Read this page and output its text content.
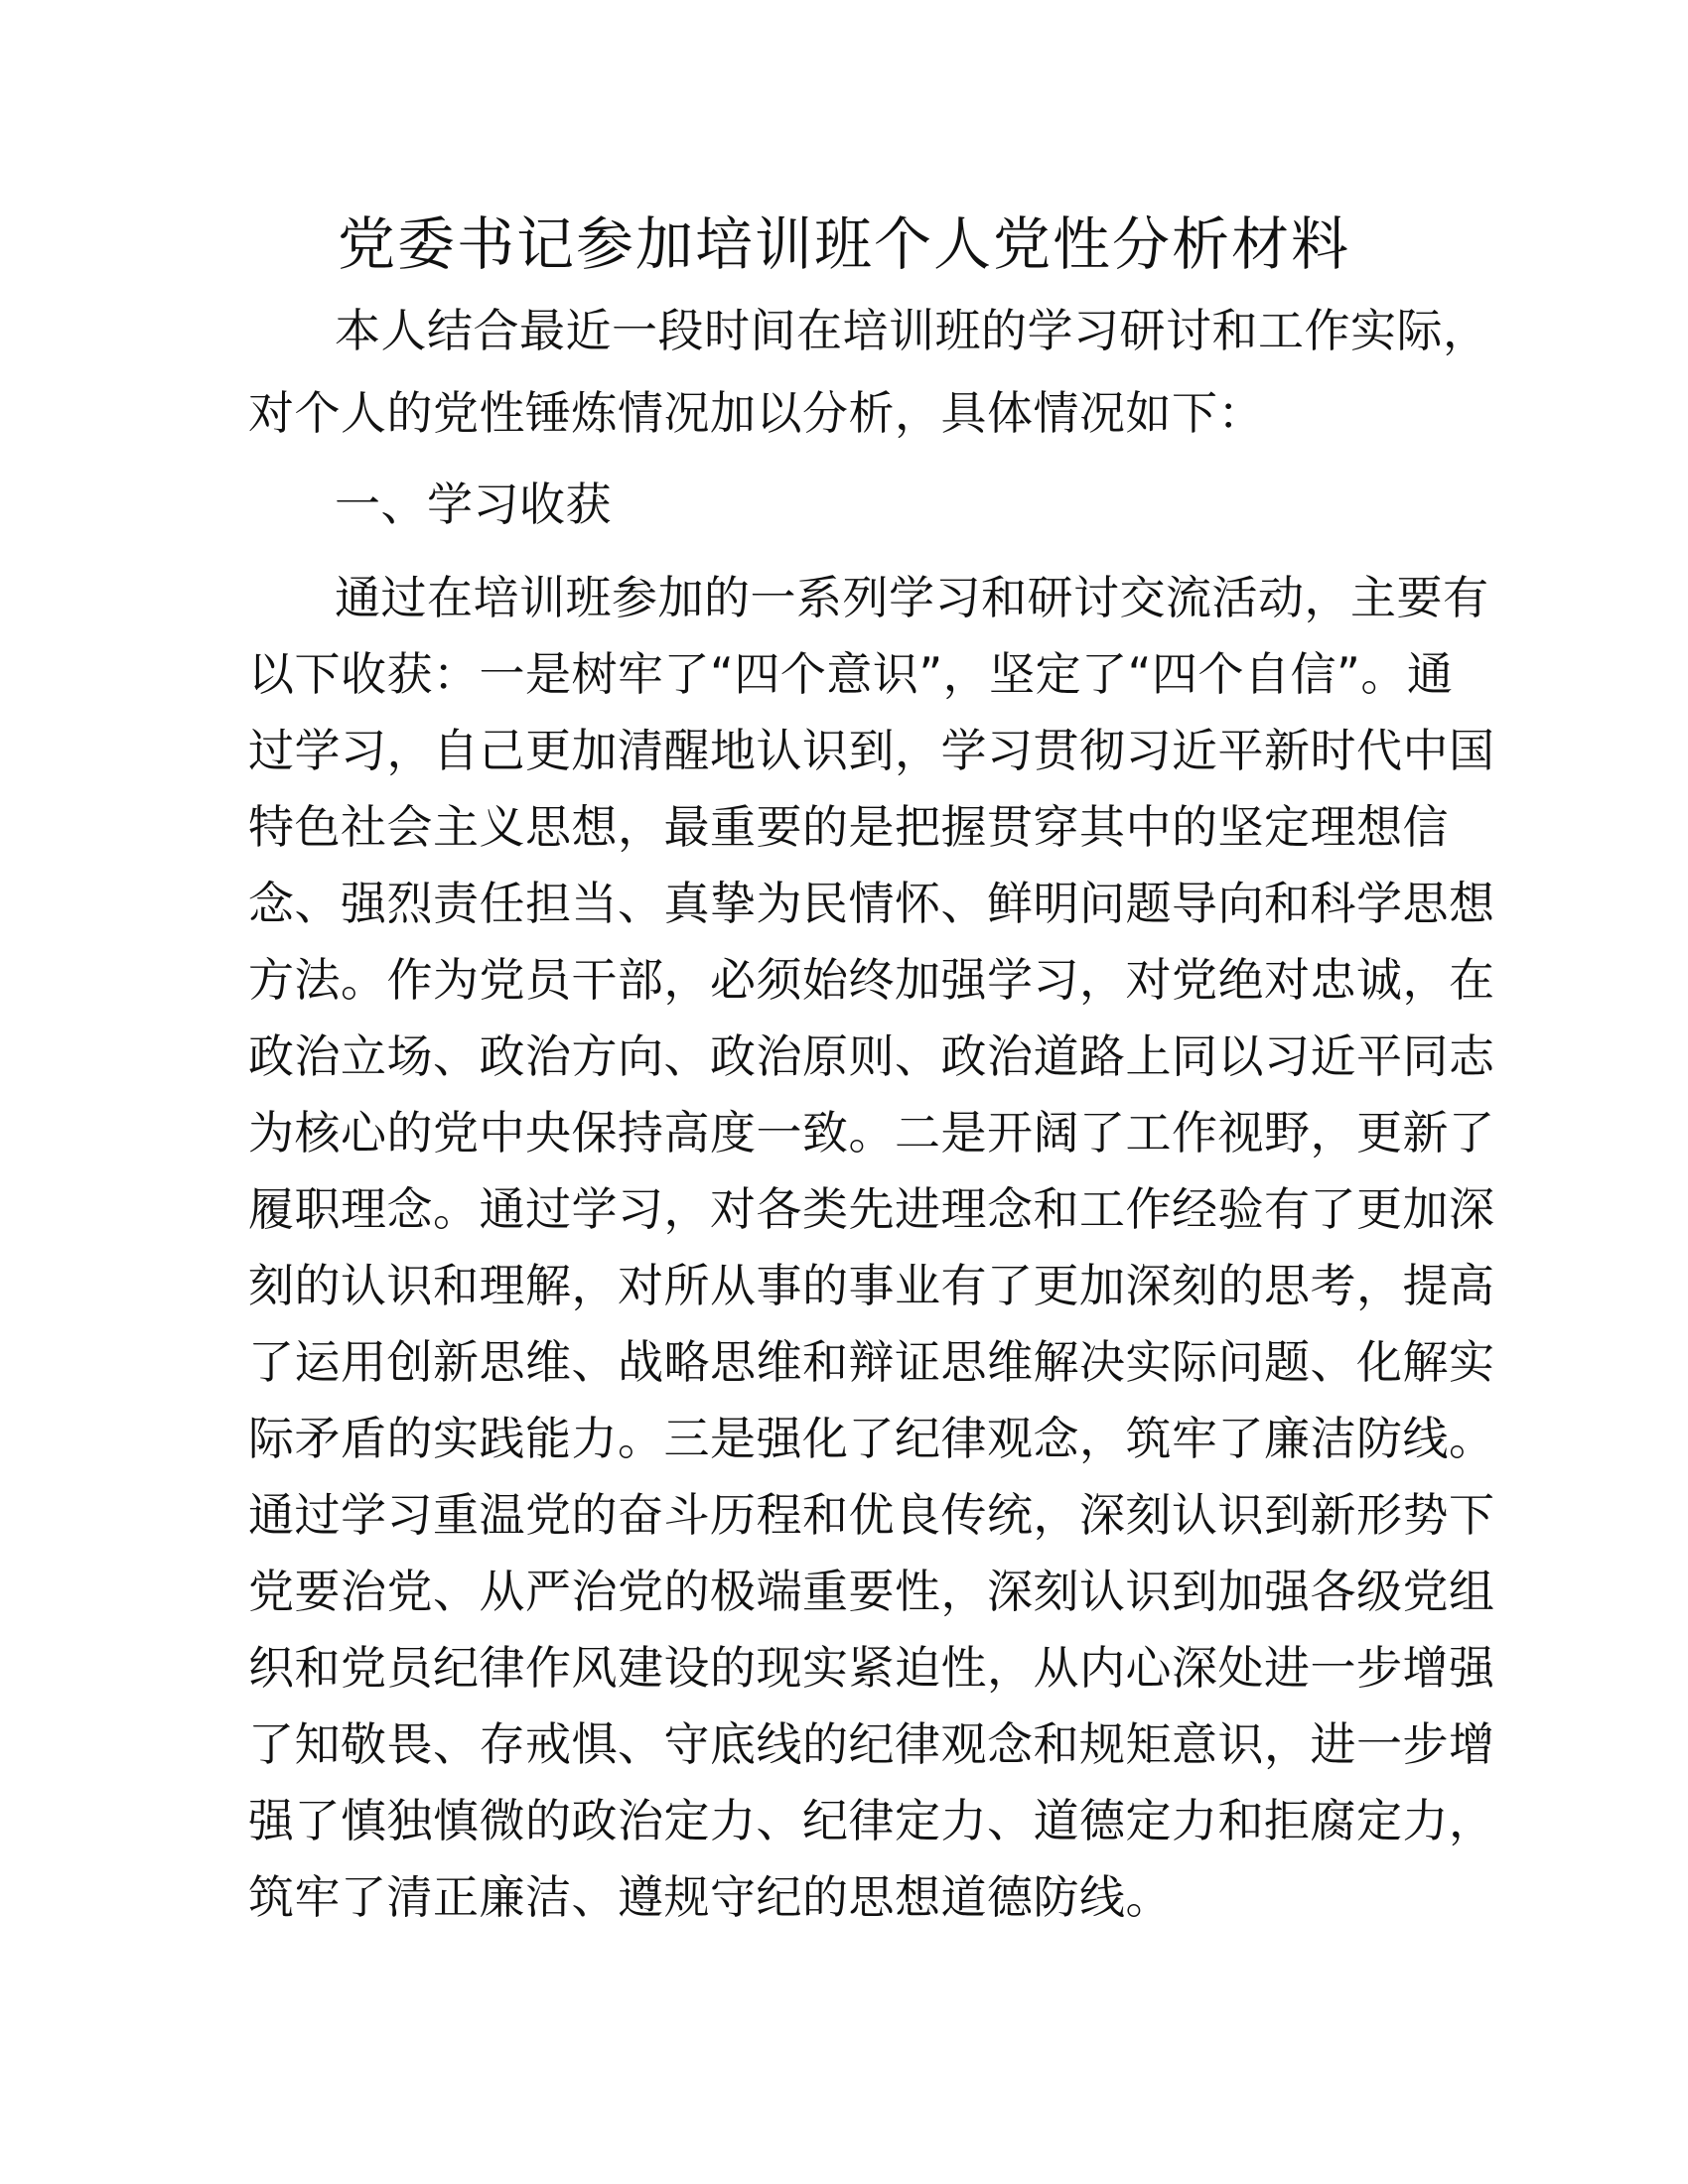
党委书记参加培训班个人党性分析材料
本人结合最近一段时间在培训班的学习研讨和工作实际，
对个人的党性锤炼情况加以分析，具体情况如下：
一、学习收获
通过在培训班参加的一系列学习和研讨交流活动，主要有
以下收获：一是树牢了“四个意识”，坚定了“四个自信”。通
过学习，自己更加清醒地认识到，学习贯彻习近平新时代中国
特色社会主义思想，最重要的是把握贯穿其中的坚定理想信
念、强烈责任担当、真挚为民情怀、鲜明问题导向和科学思想
方法。作为党员干部，必须始终加强学习，对党绝对忠诚，在
政治立场、政治方向、政治原则、政治道路上同以习近平同志
为核心的党中央保持高度一致。二是开阔了工作视野，更新了
履职理念。通过学习，对各类先进理念和工作经验有了更加深
刻的认识和理解，对所从事的事业有了更加深刻的思考，提高
了运用创新思维、战略思维和辩证思维解决实际问题、化解实
际矛盾的实践能力。三是强化了纪律观念，筑牢了廉洁防线。
通过学习重温党的奋斗历程和优良传统，深刻认识到新形势下
党要治党、从严治党的极端重要性，深刻认识到加强各级党组
织和党员纪律作风建设的现实紧迫性，从内心深处进一步增强
了知敬畏、存戒惧、守底线的纪律观念和规矩意识，进一步增
强了慎独慎微的政治定力、纪律定力、道德定力和拒腐定力，
筑牢了清正廉洁、遵规守纪的思想道德防线。
